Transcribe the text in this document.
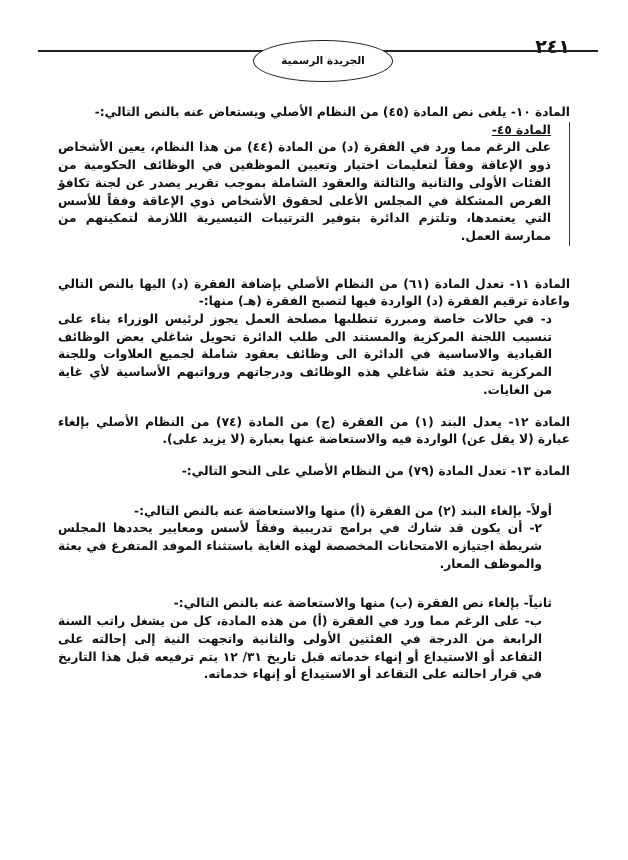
٢٤١
الجريدة الرسمية

المادة ١٠- يلغى نص المادة (٤٥) من النظام الأصلي ويستعاض عنه بالنص التالي:-

المادة ٤٥-

على الرغم مما ورد في الفقرة (د) من المادة (٤٤) من هذا النظام، يعين الأشخاص ذوو الإعاقة وفقاً لتعليمات اختيار وتعيين الموظفين في الوظائف الحكومية من الفئات الأولى والثانية والثالثة والعقود الشاملة بموجب تقرير يصدر عن لجنة تكافؤ الفرص المشكلة في المجلس الأعلى لحقوق الأشخاص ذوي الإعاقة وفقاً للأسس التي يعتمدها، وتلتزم الدائرة بتوفير الترتيبات التيسيرية اللازمة لتمكينهم من ممارسة العمل.

المادة ١١- تعدل المادة (٦١) من النظام الأصلي بإضافة الفقرة (د) اليها بالنص التالي واعادة ترقيم الفقرة (د) الواردة فيها لتصبح الفقرة (هـ) منها:-

د- في حالات خاصة ومبررة تتطلبها مصلحة العمل يجوز لرئيس الوزراء بناء على تنسيب اللجنة المركزية والمستند الى طلب الدائرة تحويل شاغلي بعض الوظائف القيادية والاساسية في الدائرة الى وظائف بعقود شاملة لجميع العلاوات وللجنة المركزية تحديد فئة شاغلي هذه الوظائف ودرجاتهم ورواتبهم الأساسية لأي غاية من الغايات.

المادة ١٢- يعدل البند (١) من الفقرة (ج) من المادة (٧٤) من النظام الأصلي بإلغاء عبارة (لا يقل عن) الواردة فيه والاستعاضة عنها بعبارة (لا يزيد على).

المادة ١٣- تعدل المادة (٧٩) من النظام الأصلي على النحو التالي:-

أولاً- بإلغاء البند (٢) من الفقرة (أ) منها والاستعاضة عنه بالنص التالي:-

٢- أن يكون قد شارك في برامج تدريبية وفقاً لأسس ومعايير يحددها المجلس شريطة اجتيازه الامتحانات المخصصة لهذه الغاية باستثناء الموفد المتفرغ في بعثة والموظف المعار.

ثانياً- بإلغاء نص الفقرة (ب) منها والاستعاضة عنه بالنص التالي:-

ب- على الرغم مما ورد في الفقرة (أ) من هذه المادة، كل من يشغل راتب السنة الرابعة من الدرجة في الفئتين الأولى والثانية واتجهت النية إلى إحالته على التقاعد أو الاستيداع أو إنهاء خدماته قبل تاريخ ٣١/ ١٢ يتم ترفيعه قبل هذا التاريخ في قرار احالته على التقاعد أو الاستيداع أو إنهاء خدماته.
